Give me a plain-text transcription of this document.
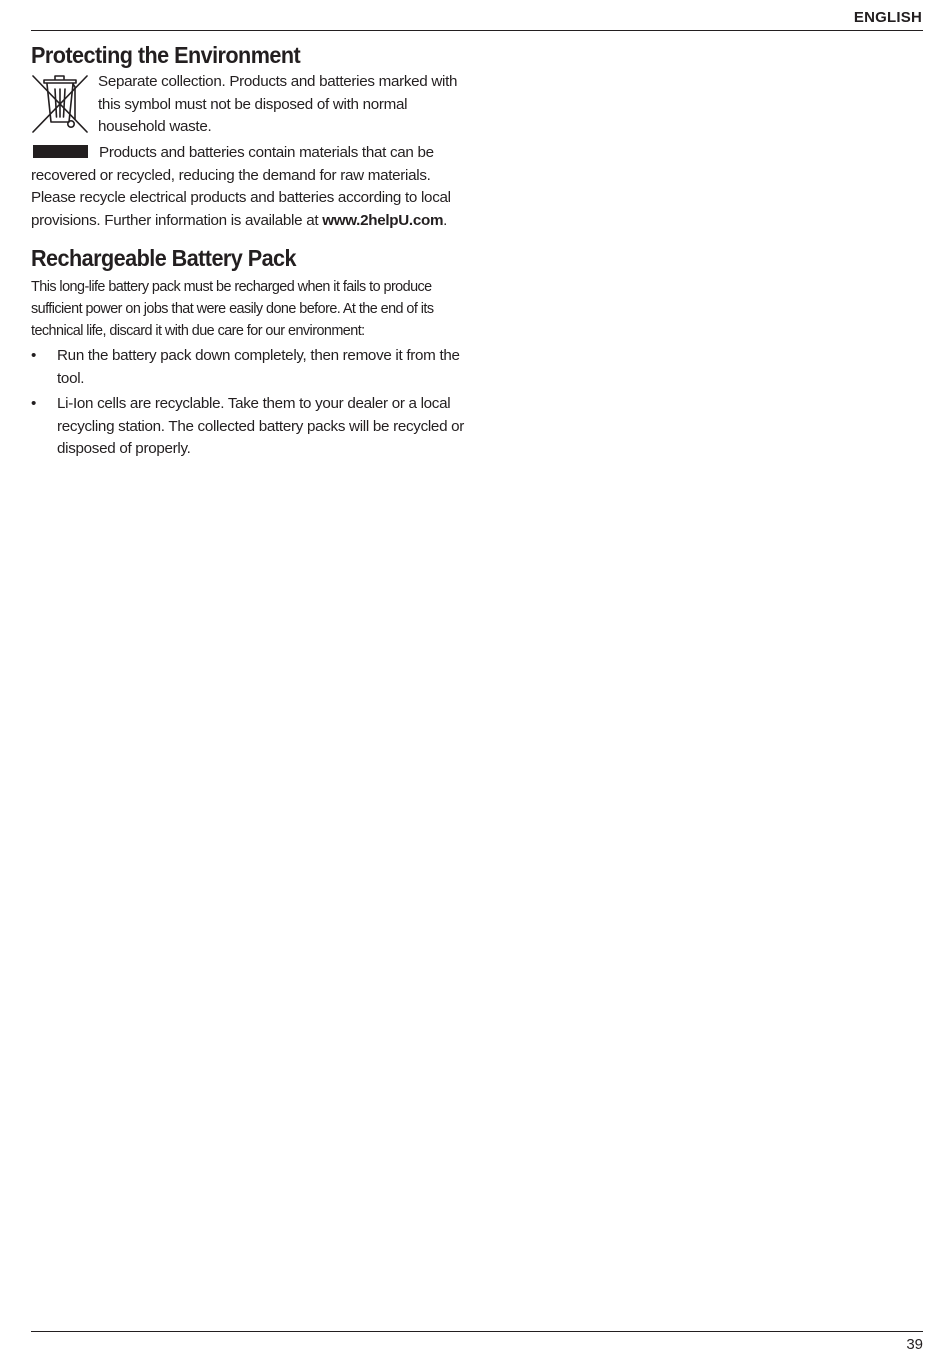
ENGLISH
Protecting the Environment
Separate collection. Products and batteries marked with this symbol must not be disposed of with normal household waste.
Products and batteries contain materials that can be recovered or recycled, reducing the demand for raw materials. Please recycle electrical products and batteries according to local provisions. Further information is available at www.2helpU.com.
Rechargeable Battery Pack
This long-life battery pack must be recharged when it fails to produce sufficient power on jobs that were easily done before. At the end of its technical life, discard it with due care for our environment:
• Run the battery pack down completely, then remove it from the tool.
• Li-Ion cells are recyclable. Take them to your dealer or a local recycling station. The collected battery packs will be recycled or disposed of properly.
39
